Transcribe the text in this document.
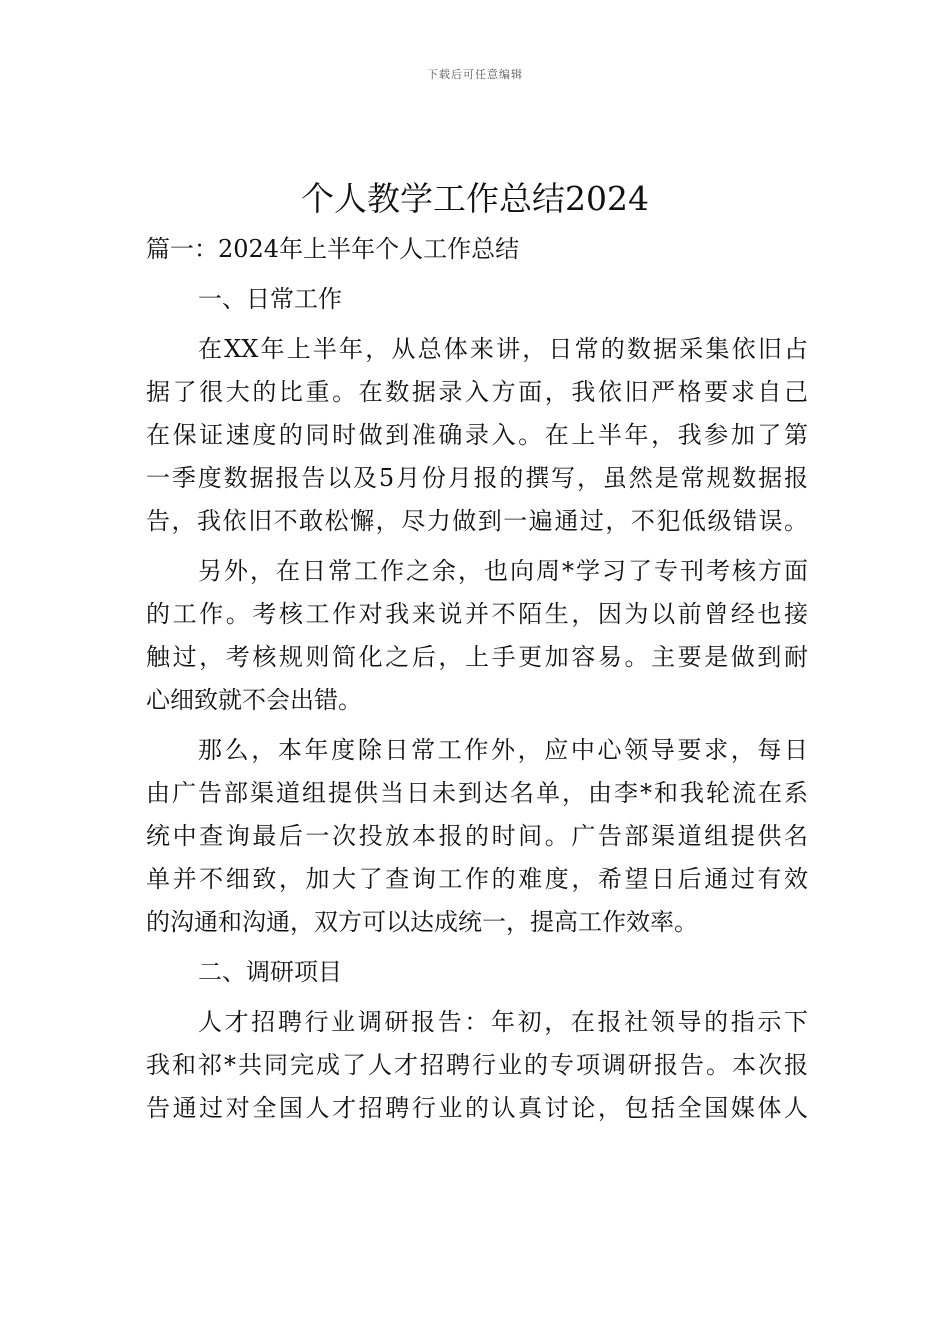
下载后可任意编辑
个人教学工作总结2024

篇一：2024年上半年个人工作总结

一、日常工作

在XX年上半年，从总体来讲，日常的数据采集依旧占

据了很大的比重。在数据录入方面，我依旧严格要求自己

在保证速度的同时做到准确录入。在上半年，我参加了第

一季度数据报告以及5月份月报的撰写，虽然是常规数据报

告，我依旧不敢松懈，尽力做到一遍通过，不犯低级错误。

另外，在日常工作之余，也向周*学习了专刊考核方面

的工作。考核工作对我来说并不陌生，因为以前曾经也接

触过，考核规则简化之后，上手更加容易。主要是做到耐

心细致就不会出错。

那么，本年度除日常工作外，应中心领导要求，每日

由广告部渠道组提供当日未到达名单，由李*和我轮流在系

统中查询最后一次投放本报的时间。广告部渠道组提供名

单并不细致，加大了查询工作的难度，希望日后通过有效

的沟通和沟通，双方可以达成统一，提高工作效率。

二、调研项目

人才招聘行业调研报告：年初，在报社领导的指示下

我和祁*共同完成了人才招聘行业的专项调研报告。本次报

告通过对全国人才招聘行业的认真讨论，包括全国媒体人
